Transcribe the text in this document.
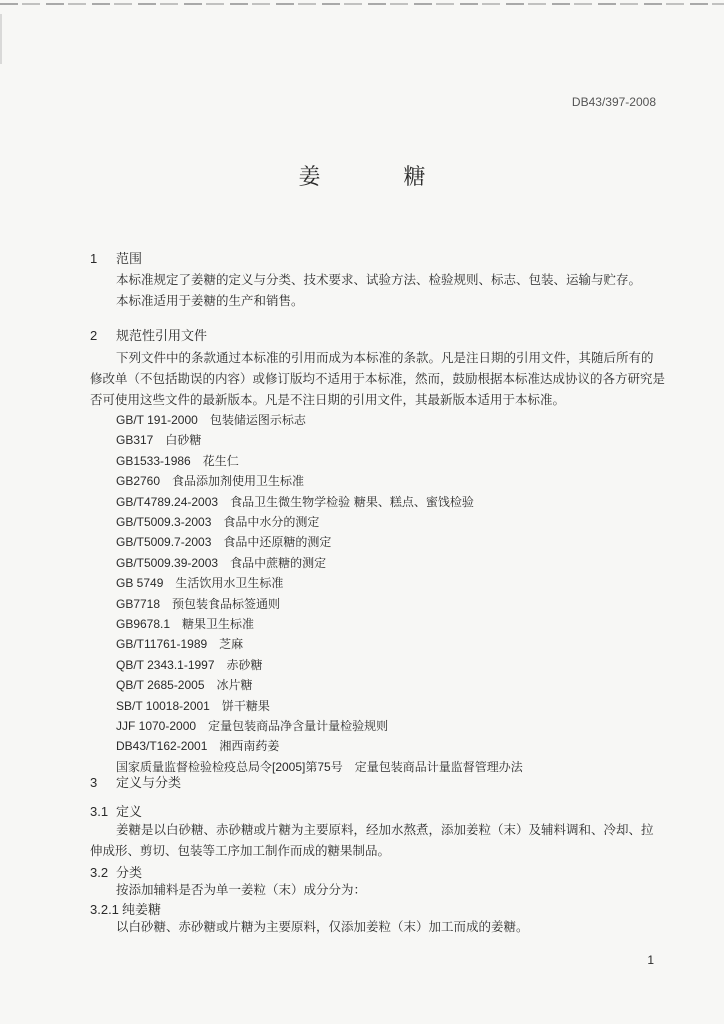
DB43/397-2008
姜 糖
1 范围
本标准规定了姜糖的定义与分类、技术要求、试验方法、检验规则、标志、包装、运输与贮存。
本标准适用于姜糖的生产和销售。
2 规范性引用文件
下列文件中的条款通过本标准的引用而成为本标准的条款。凡是注日期的引用文件，其随后所有的
修改单（不包括勘误的内容）或修订版均不适用于本标准，然而，鼓励根据本标准达成协议的各方研究是
否可使用这些文件的最新版本。凡是不注日期的引用文件，其最新版本适用于本标准。
GB/T 191-2000 包装储运图示标志
GB317 白砂糖
GB1533-1986 花生仁
GB2760 食品添加剂使用卫生标准
GB/T4789.24-2003 食品卫生微生物学检验 糖果、糕点、蜜饯检验
GB/T5009.3-2003 食品中水分的测定
GB/T5009.7-2003 食品中还原糖的测定
GB/T5009.39-2003 食品中蔗糖的测定
GB 5749 生活饮用水卫生标准
GB7718 预包装食品标签通则
GB9678.1 糖果卫生标准
GB/T11761-1989 芝麻
QB/T 2343.1-1997 赤砂糖
QB/T 2685-2005 冰片糖
SB/T 10018-2001 饼干糖果
JJF 1070-2000 定量包装商品净含量计量检验规则
DB43/T162-2001 湘西南药姜
国家质量监督检验检疫总局令[2005]第75号 定量包装商品计量监督管理办法
3 定义与分类
3.1 定义
姜糖是以白砂糖、赤砂糖或片糖为主要原料，经加水熬煮，添加姜粒（末）及辅料调和、冷却、拉
伸成形、剪切、包装等工序加工制作而成的糖果制品。
3.2 分类
按添加辅料是否为单一姜粒（末）成分分为：
3.2.1 纯姜糖
以白砂糖、赤砂糖或片糖为主要原料，仅添加姜粒（末）加工而成的姜糖。
1
